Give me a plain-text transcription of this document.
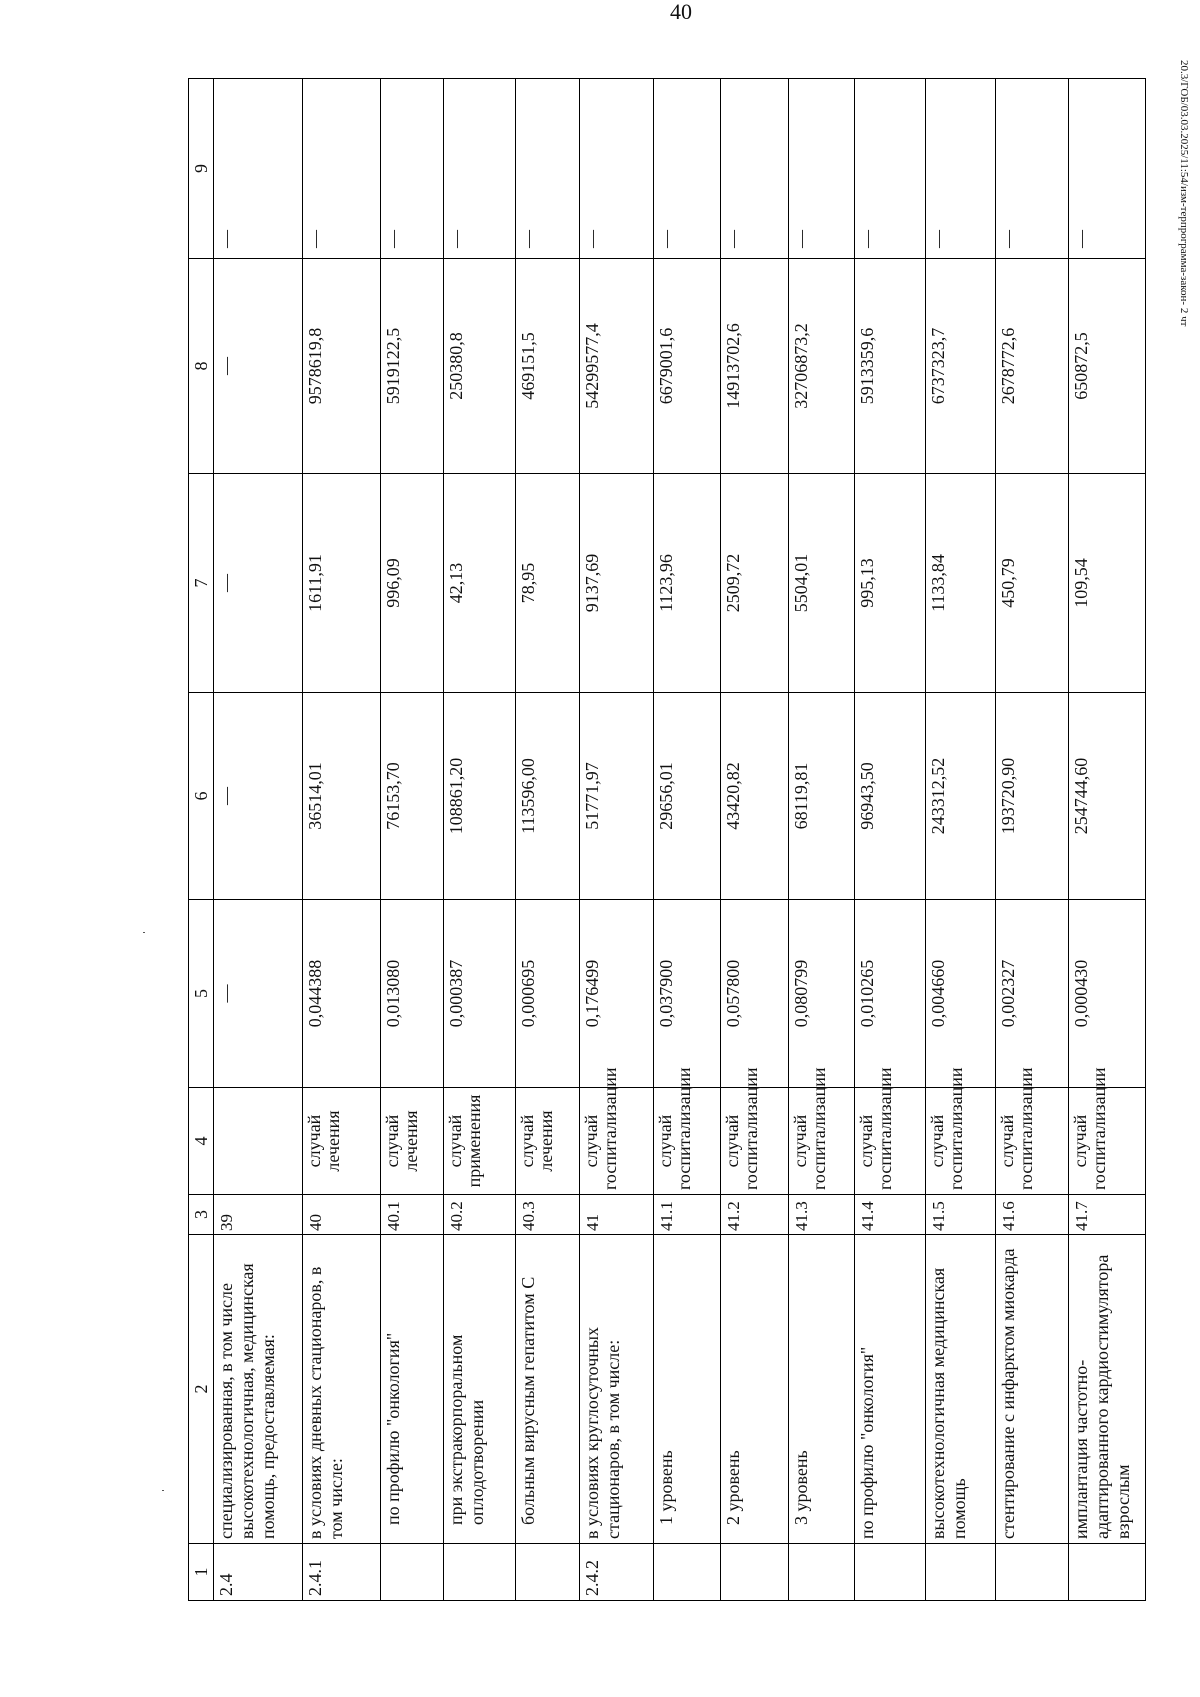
40
20.3/ГОБ/03.03.2025/11:54/изм-терпрограмма-закон- 2 чт
1	2	3	4	5	6	7	8	9
2.4	специализированная, в том числе высокотехнологичная, медицинская помощь, предоставляемая:	39		—	—	—	—	—
2.4.1	в условиях дневных стационаров, в том числе:	40	случай лечения	0,044388	36514,01	1611,91	9578619,8	—

	по профилю "онкология"	40.1	случай лечения	0,013080	76153,70	996,09	5919122,5	—

	при экстракорпоральном оплодотворении	40.2	случай применения	0,000387	108861,20	42,13	250380,8	—

	больным вирусным гепатитом С	40.3	случай лечения	0,000695	113596,00	78,95	469151,5	—
2.4.2	в условиях круглосуточных стационаров, в том числе:	41	случай госпитализации	0,176499	51771,97	9137,69	54299577,4	—

	1 уровень	41.1	случай госпитализации	0,037900	29656,01	1123,96	6679001,6	—

	2 уровень	41.2	случай госпитализации	0,057800	43420,82	2509,72	14913702,6	—

	3 уровень	41.3	случай госпитализации	0,080799	68119,81	5504,01	32706873,2	—
	по профилю "онкология"	41.4	случай госпитализации	0,010265	96943,50	995,13	5913359,6	—
	высокотехнологичная медицинская помощь	41.5	случай госпитализации	0,004660	243312,52	1133,84	6737323,7	—
	стентирование с инфарктом миокарда	41.6	случай госпитализации	0,002327	193720,90	450,79	2678772,6	—
	имплантация частотно-адаптированного кардиостимулятора взрослым	41.7	случай госпитализации	0,000430	254744,60	109,54	650872,5	—
